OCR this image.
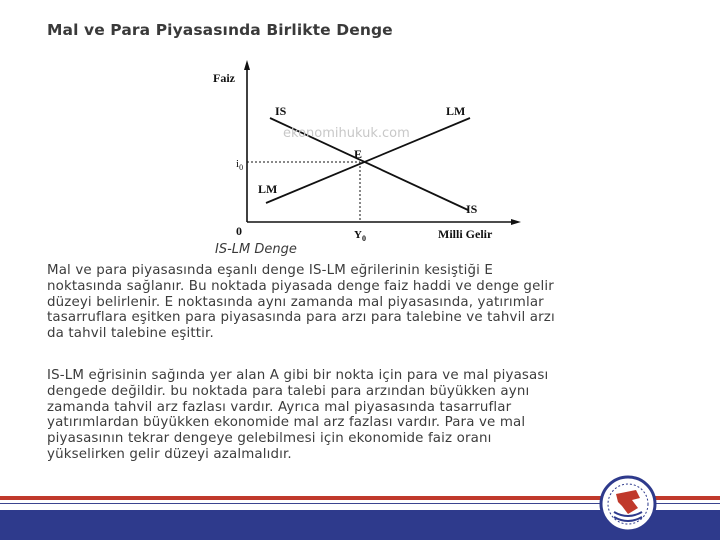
Mal ve Para Piyasasında Birlikte Denge
ekonomihukuk.com
Faiz
Milli Gelir
0
IS	LM
LM
IS
E
$i_0$
$Y_0$
IS-LM Denge

Mal ve para piyasasında eşanlı denge IS-LM eğrilerinin kesiştiği E
noktasında sağlanır. Bu noktada piyasada denge faiz haddi ve denge gelir
düzeyi belirlenir. E noktasında aynı zamanda mal piyasasında, yatırımlar
tasarruflara eşitken para piyasasında para arzı para talebine ve tahvil arzı
da tahvil talebine eşittir.

IS-LM eğrisinin sağında yer alan A gibi bir nokta için para ve mal piyasası
dengede değildir. bu noktada para talebi para arzından büyükken aynı
zamanda tahvil arz fazlası vardır. Ayrıca mal piyasasında tasarruflar
yatırımlardan büyükken ekonomide mal arz fazlası vardır. Para ve mal
piyasasının tekrar dengeye gelebilmesi için ekonomide faiz oranı
yükselirken gelir düzeyi azalmalıdır.
